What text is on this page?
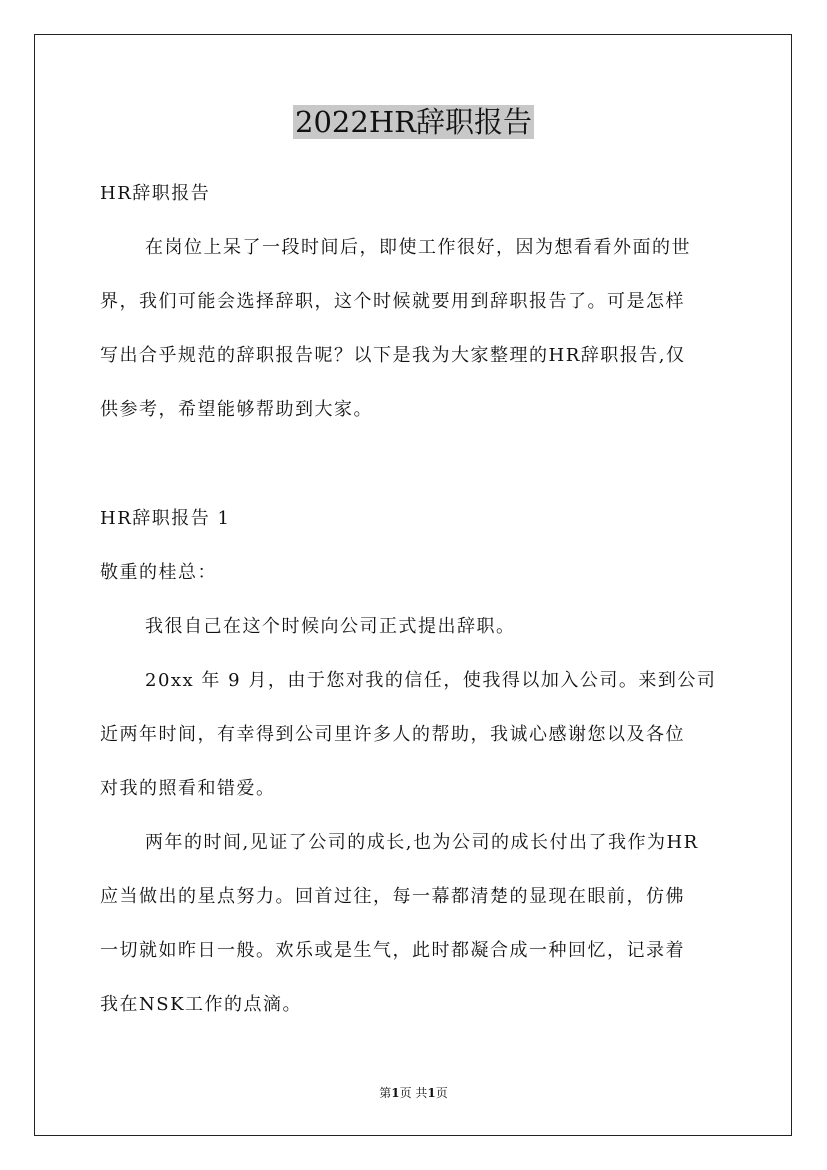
2022HR辞职报告
HR辞职报告
在岗位上呆了一段时间后，即使工作很好，因为想看看外面的世
界，我们可能会选择辞职，这个时候就要用到辞职报告了。可是怎样
写出合乎规范的辞职报告呢？以下是我为大家整理的HR辞职报告,仅
供参考，希望能够帮助到大家。
HR辞职报告 1
敬重的桂总：
我很自己在这个时候向公司正式提出辞职。
20xx 年 9 月，由于您对我的信任，使我得以加入公司。来到公司
近两年时间，有幸得到公司里许多人的帮助，我诚心感谢您以及各位
对我的照看和错爱。
两年的时间,见证了公司的成长,也为公司的成长付出了我作为HR
应当做出的星点努力。回首过往，每一幕都清楚的显现在眼前，仿佛
一切就如昨日一般。欢乐或是生气，此时都凝合成一种回忆，记录着
我在NSK工作的点滴。
第1页 共1页
